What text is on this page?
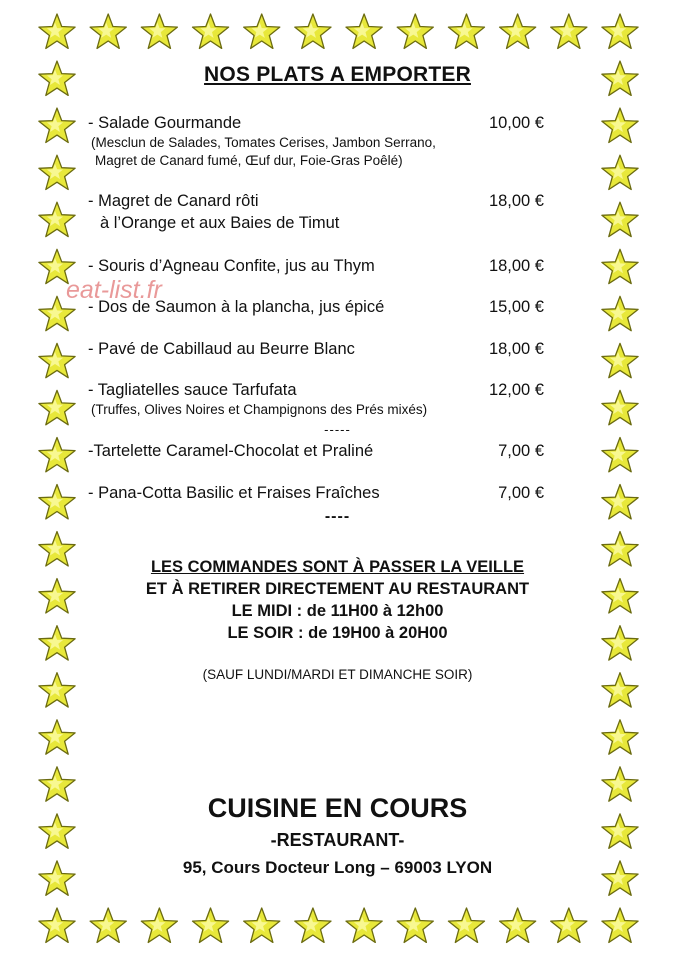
NOS PLATS A EMPORTER
eat-list.fr
- Salade Gourmande	10,00 €
(Mesclun de Salades, Tomates Cerises, Jambon Serrano,
Magret de Canard fumé, Œuf dur, Foie-Gras Poêlé)
- Magret de Canard rôti	18,00 €
à l’Orange et aux Baies de Timut
- Souris d’Agneau Confite, jus au Thym	18,00 €
- Dos de Saumon à la plancha, jus épicé	15,00 €
- Pavé de Cabillaud au Beurre Blanc	18,00 €
- Tagliatelles sauce Tarfufata	12,00 €
(Truffes, Olives Noires et Champignons des Prés mixés)
-----
-Tartelette Caramel-Chocolat et Praliné	7,00 €
- Pana-Cotta Basilic et Fraises Fraîches	7,00 €
----
LES COMMANDES SONT À PASSER LA VEILLE
ET À RETIRER DIRECTEMENT AU RESTAURANT
LE MIDI : de 11H00 à 12h00
LE SOIR : de 19H00 à 20H00
(SAUF LUNDI/MARDI ET DIMANCHE SOIR)
CUISINE EN COURS
-RESTAURANT-
95, Cours Docteur Long – 69003 LYON
